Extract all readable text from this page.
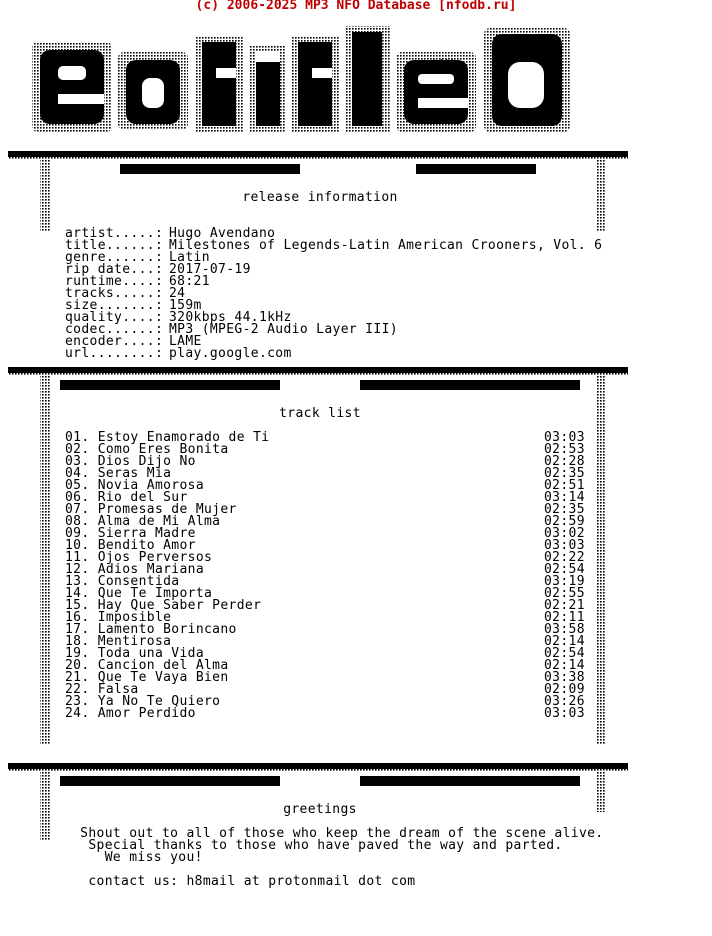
(c) 2006-2025 MP3 NFO Database [nfodb.ru]
hX!
release information
artist.....: Hugo Avendano
title......: Milestones of Legends-Latin American Crooners, Vol. 6
genre......: Latin
rip date...: 2017-07-19
runtime....: 68:21
tracks.....: 24
size.......: 159m
quality....: 320kbps 44.1kHz
codec......: MP3 (MPEG-2 Audio Layer III)
encoder....: LAME
url........: play.google.com
track list
01. Estoy Enamorado de Ti	03:03
02. Como Eres Bonita	02:53
03. Dios Dijo No	02:28
04. Seras Mia	02:35
05. Novia Amorosa	02:51
06. Rio del Sur	03:14
07. Promesas de Mujer	02:35
08. Alma de Mi Alma	02:59
09. Sierra Madre	03:02
10. Bendito Amor	03:03
11. Ojos Perversos	02:22
12. Adios Mariana	02:54
13. Consentida	03:19
14. Que Te Importa	02:55
15. Hay Que Saber Perder	02:21
16. Imposible	02:11
17. Lamento Borincano	03:58
18. Mentirosa	02:14
19. Toda una Vida	02:54
20. Cancion del Alma	02:14
21. Que Te Vaya Bien	03:38
22. Falsa	02:09
23. Ya No Te Quiero	03:26
24. Amor Perdido	03:03
greetings
Shout out to all of those who keep the dream of the scene alive.
Special thanks to those who have paved the way and parted.
We miss you!
contact us: h8mail at protonmail dot com
